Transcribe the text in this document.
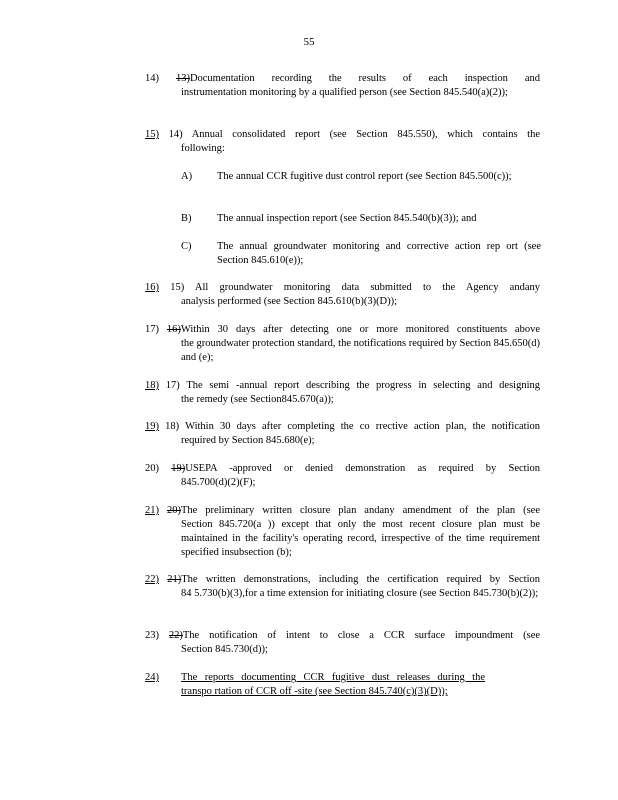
55
14) 13)Documentation recording the results of each inspection and
instrumentation monitoring by a qualified person (see Section 845.540(a)(2));
15) 14) Annual consolidated report (see Section 845.550), which contains the
following:
A)	The annual CCR fugitive dust control report (see Section 845.500(c));
B)	The annual inspection report (see Section 845.540(b)(3)); and
C)	The annual groundwater monitoring and corrective action rep ort (see Section 845.610(e));
16) 15) All groundwater monitoring data submitted to the Agency andany
analysis performed (see Section 845.610(b)(3)(D));
17) 16)Within 30 days after detecting one or more monitored constituents above
the groundwater protection standard, the notifications required by Section 845.650(d) and (e);
18) 17) The semi -annual report describing the progress in selecting and designing
the remedy (see Section845.670(a));
19) 18) Within 30 days after completing the co rrective action plan, the notification
required by Section 845.680(e);
20) 19)USEPA -approved or denied demonstration as required by Section
845.700(d)(2)(F);
21) 20)The preliminary written closure plan andany amendment of the plan (see
Section 845.720(a )) except that only the most recent closure plan must be maintained in the facility's operating record, irrespective of the time requirement specified insubsection (b);
22) 21)The written demonstrations, including the certification required by Section
84 5.730(b)(3),for a time extension for initiating closure (see Section 845.730(b)(2));
23) 22)The notification of intent to close a CCR surface impoundment (see
Section 845.730(d));
24) The reports documenting CCR fugitive dust releases during the
transpo rtation of CCR off -site (see Section 845.740(c)(3)(D));
